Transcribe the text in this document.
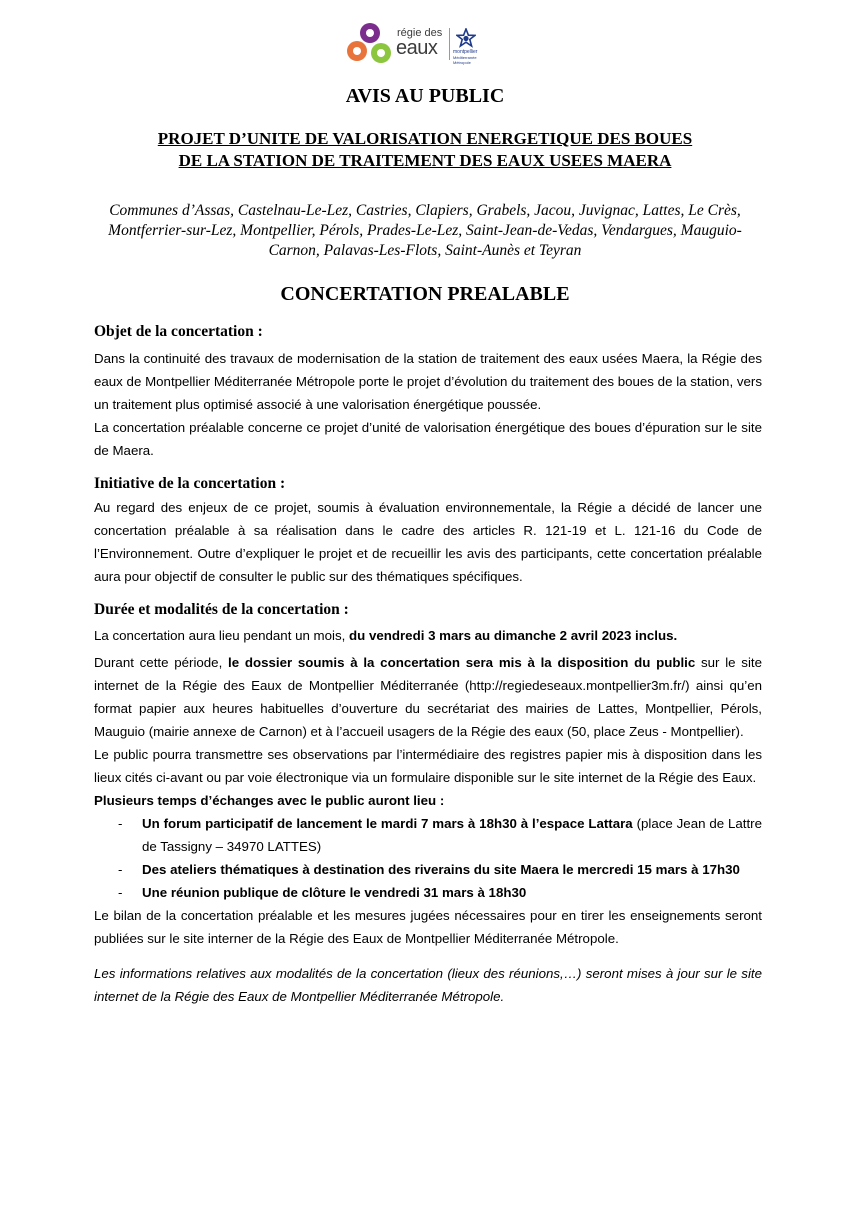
régie des
eaux	montpellier
Méditerranée Métropole
AVIS AU PUBLIC
PROJET D’UNITE DE VALORISATION ENERGETIQUE DES BOUES
DE LA STATION DE TRAITEMENT DES EAUX USEES MAERA
Communes d’Assas, Castelnau-Le-Lez, Castries, Clapiers, Grabels, Jacou, Juvignac, Lattes, Le Crès, Montferrier-sur-Lez, Montpellier, Pérols, Prades-Le-Lez, Saint-Jean-de-Vedas, Vendargues, Mauguio-Carnon, Palavas-Les-Flots, Saint-Aunès et Teyran
CONCERTATION PREALABLE
Objet de la concertation :

Dans la continuité des travaux de modernisation de la station de traitement des eaux usées Maera, la Régie des eaux de Montpellier Méditerranée Métropole porte le projet d’évolution du traitement des boues de la station, vers un traitement plus optimisé associé à une valorisation énergétique poussée.

La concertation préalable concerne ce projet d’unité de valorisation énergétique des boues d’épuration sur le site de Maera.

Initiative de la concertation :

Au regard des enjeux de ce projet, soumis à évaluation environnementale, la Régie a décidé de lancer une concertation préalable à sa réalisation dans le cadre des articles R. 121-19 et L. 121-16 du Code de l’Environnement. Outre d’expliquer le projet et de recueillir les avis des participants, cette concertation préalable aura pour objectif de consulter le public sur des thématiques spécifiques.

Durée et modalités de la concertation :

La concertation aura lieu pendant un mois, du vendredi 3 mars au dimanche 2 avril 2023 inclus.

Durant cette période, le dossier soumis à la concertation sera mis à la disposition du public sur le site internet de la Régie des Eaux de Montpellier Méditerranée (http://regiedeseaux.montpellier3m.fr/) ainsi qu’en format papier aux heures habituelles d’ouverture du secrétariat des mairies de Lattes, Montpellier, Pérols, Mauguio (mairie annexe de Carnon) et à l’accueil usagers de la Régie des eaux (50, place Zeus - Montpellier).

Le public pourra transmettre ses observations par l’intermédiaire des registres papier mis à disposition dans les lieux cités ci-avant ou par voie électronique via un formulaire disponible sur le site internet de la Régie des Eaux.

Plusieurs temps d’échanges avec le public auront lieu :

- Un forum participatif de lancement le mardi 7 mars à 18h30 à l’espace Lattara (place Jean de Lattre de Tassigny – 34970 LATTES)
- Des ateliers thématiques à destination des riverains du site Maera le mercredi 15 mars à 17h30
- Une réunion publique de clôture le vendredi 31 mars à 18h30

Le bilan de la concertation préalable et les mesures jugées nécessaires pour en tirer les enseignements seront publiées sur le site interner de la Régie des Eaux de Montpellier Méditerranée Métropole.

Les informations relatives aux modalités de la concertation (lieux des réunions,…) seront mises à jour sur le site internet de la Régie des Eaux de Montpellier Méditerranée Métropole.
